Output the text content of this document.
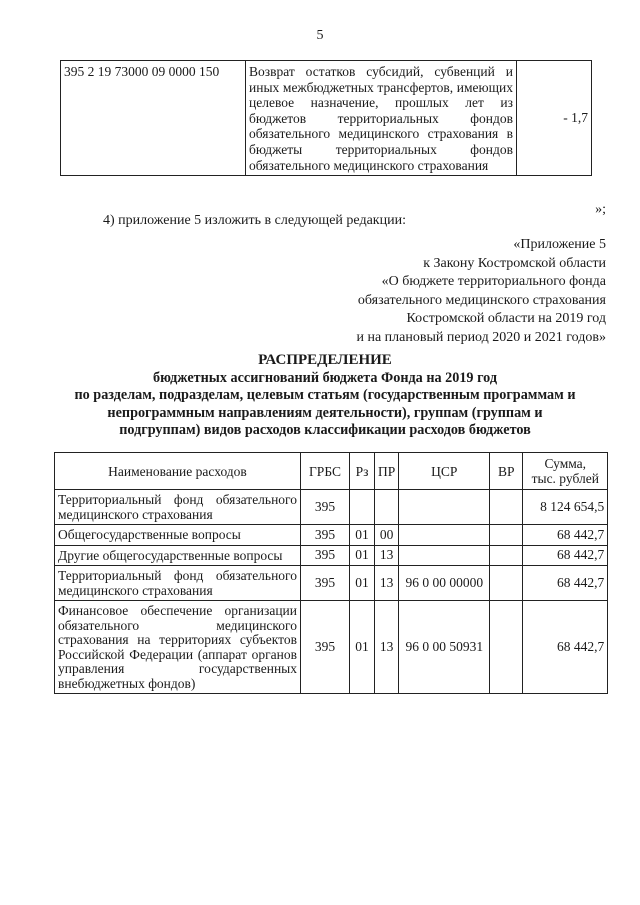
5
395 2 19 73000 09 0000 150	Возврат остатков субсидий, субвенций и иных межбюджетных трансфертов, имеющих целевое назначение, прошлых лет из бюджетов территориальных фондов обязательного медицинского страхования в бюджеты территориальных фондов обязательного медицинского страхования	- 1,7
»;
4) приложение 5 изложить в следующей редакции:
«Приложение 5
к Закону Костромской области
«О бюджете территориального фонда
обязательного медицинского страхования
Костромской области на 2019 год
и на плановый период 2020 и 2021 годов»
РАСПРЕДЕЛЕНИЕ
бюджетных ассигнований бюджета Фонда на 2019 год
по разделам, подразделам, целевым статьям (государственным программам и
непрограммным направлениям деятельности), группам (группам и
подгруппам) видов расходов классификации расходов бюджетов
Наименование расходов	ГРБС	Рз	ПР	ЦСР	ВР	Сумма,
тыс. рублей

Территориальный фонд обязательного медицинского страхования	395					8 124 654,5
Общегосударственные вопросы	395	01	00			68 442,7
Другие общегосударственные вопросы	395	01	13			68 442,7
Территориальный фонд обязательного медицинского страхования	395	01	13	96 0 00 00000		68 442,7
Финансовое обеспечение организации обязательного медицинского страхования на территориях субъектов Российской Федерации (аппарат органов управления государственных внебюджетных фондов)	395	01	13	96 0 00 50931		68 442,7
